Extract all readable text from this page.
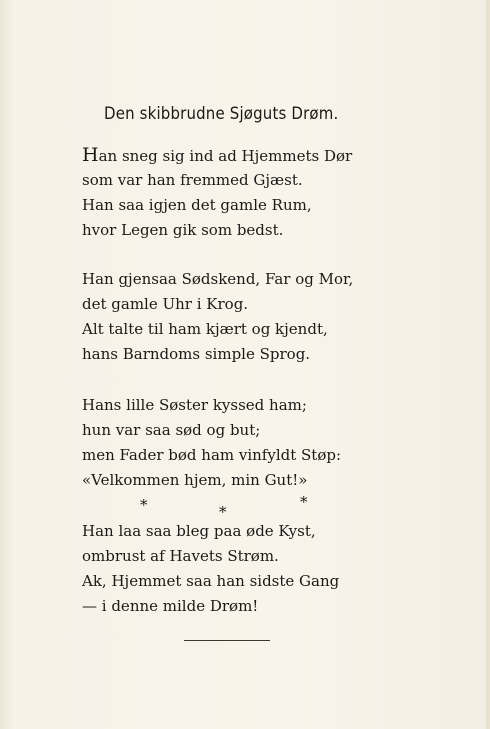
Den skibbrudne Sjøguts Drøm.
Han sneg sig ind ad Hjemmets Dør
som var han fremmed Gjæst.
Han saa igjen det gamle Rum,
hvor Legen gik som bedst.
Han gjensaa Sødskend, Far og Mor,
det gamle Uhr i Krog.
Alt talte til ham kjært og kjendt,
hans Barndoms simple Sprog.
Hans lille Søster kyssed ham;
hun var saa sød og but;
men Fader bød ham vinfyldt Støp:
«Velkommen hjem, min Gut!»
*	*
*
Han laa saa bleg paa øde Kyst,
ombrust af Havets Strøm.
Ak, Hjemmet saa han sidste Gang
— i denne milde Drøm!
